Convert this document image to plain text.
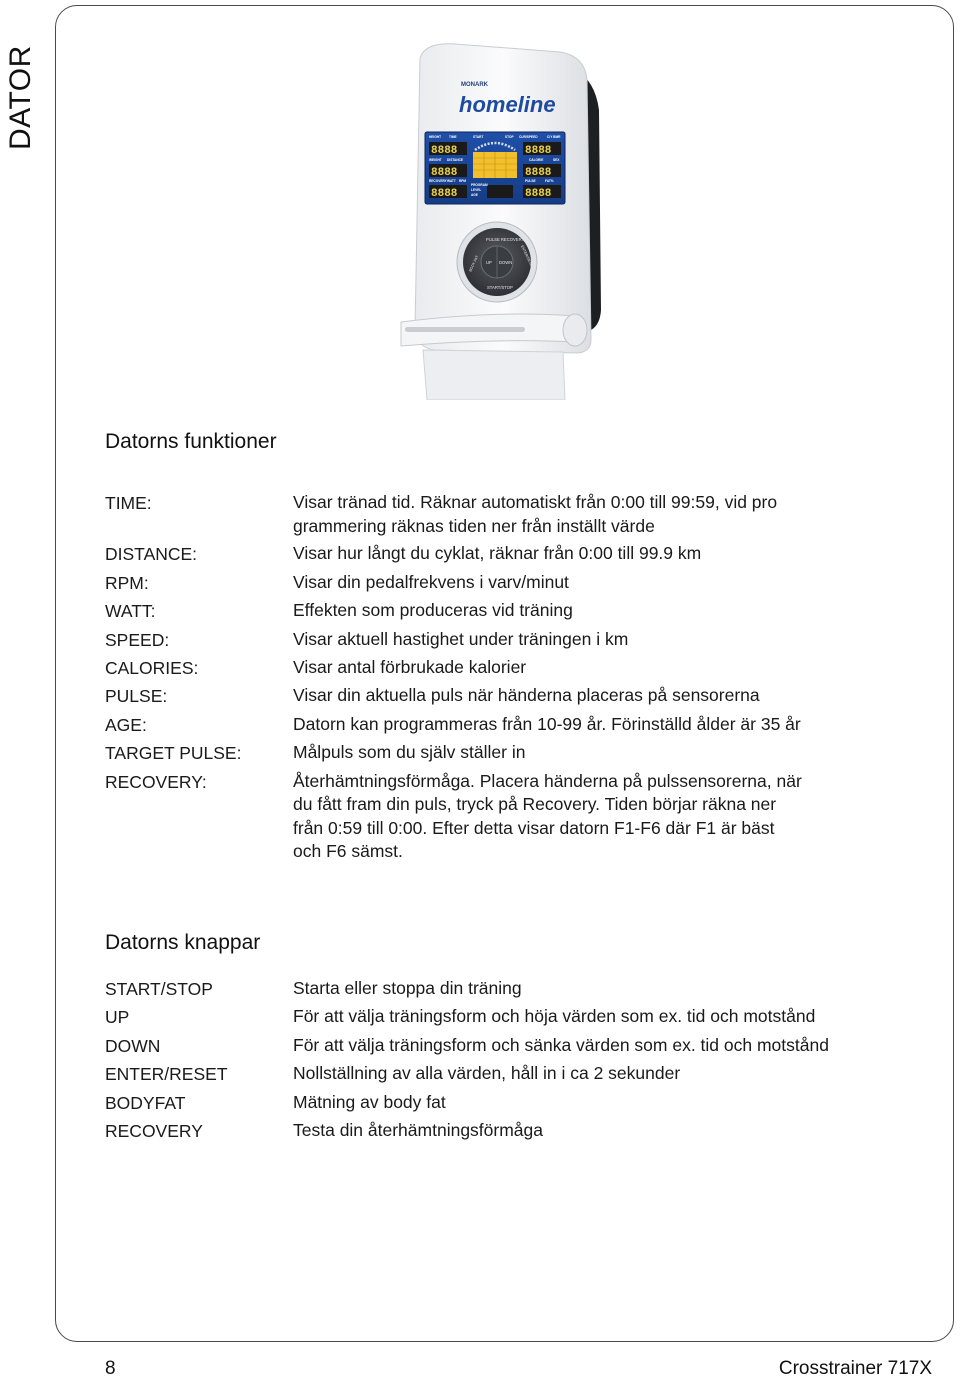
DATOR	MONARK
homeline
8888
8888
8888
8888
8888
8888
HEIGHT TIME	START	STOP CUR/SPEED	C/Y BMR
WEIGHT DISTANCE	CALORIE	SEX
RECOVERY WATT RPM
PROGRAM
LEVEL
AGE
PULSE	FAT%
PULSE RECOVERY
UP DOWN
START/STOP
BODY FAT	ENTER/RESET
Datorns funktioner
TIME:	Visar tränad tid. Räknar automatiskt från 0:00 till 99:59, vid pro
grammering räknas tiden ner från inställt värde
DISTANCE:	Visar hur långt du cyklat, räknar från 0:00 till 99.9 km
RPM:	Visar din pedalfrekvens i varv/minut
WATT:	Effekten som produceras vid träning
SPEED:	Visar aktuell hastighet under träningen i km
CALORIES:	Visar antal förbrukade kalorier
PULSE:	Visar din aktuella puls när händerna placeras på sensorerna
AGE:	Datorn kan programmeras från 10-99 år. Förinställd ålder är 35 år
TARGET PULSE:	Målpuls som du själv ställer in
RECOVERY:	Återhämtningsförmåga. Placera händerna på pulssensorerna, när
du fått fram din puls, tryck på Recovery. Tiden börjar räkna ner
från 0:59 till 0:00. Efter detta visar datorn F1-F6 där F1 är bäst
och F6 sämst.
Datorns knappar
START/STOP	Starta eller stoppa din träning
UP	För att välja träningsform och höja värden som ex. tid och motstånd
DOWN	För att välja träningsform och sänka värden som ex. tid och motstånd
ENTER/RESET	Nollställning av alla värden, håll in i ca 2 sekunder
BODYFAT	Mätning av body fat
RECOVERY	Testa din återhämtningsförmåga
8	Crosstrainer 717X
